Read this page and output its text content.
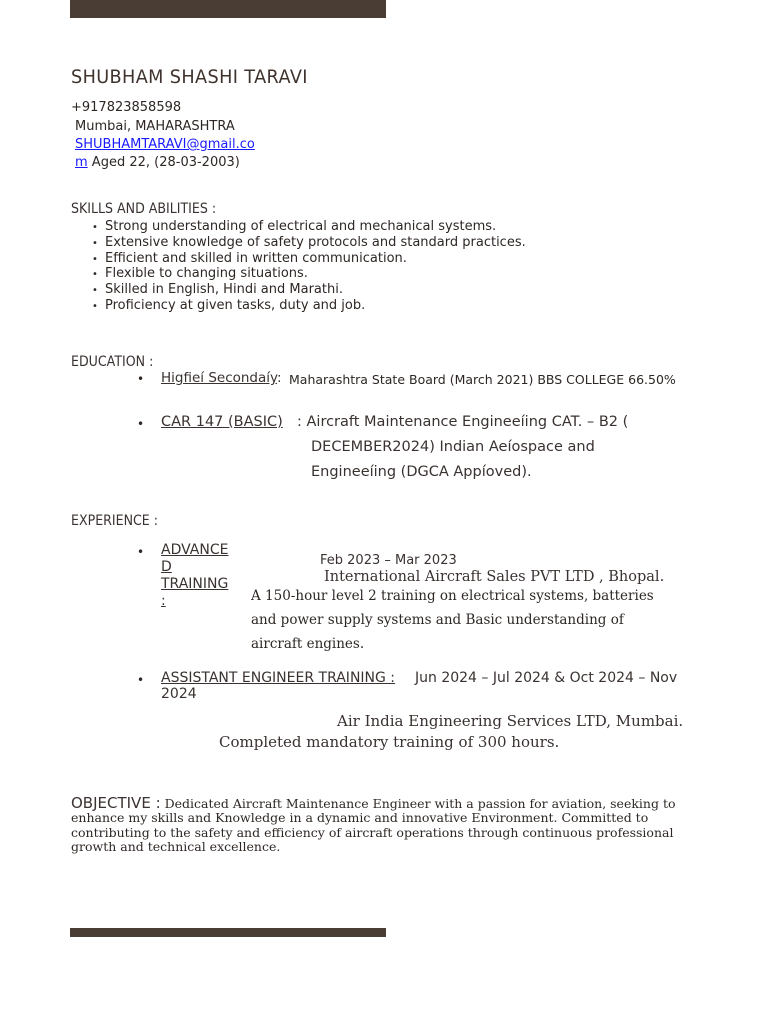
SHUBHAM SHASHI TARAVI
+917823858598
Mumbai, MAHARASHTRA
SHUBHAMTARAVI@gmail.co
m Aged 22, (28-03-2003)
SKILLS AND ABILITIES :
• Strong understanding of electrical and mechanical systems.
• Extensive knowledge of safety protocols and standard practices.
• Efficient and skilled in written communication.
• Flexible to changing situations.
• Skilled in English, Hindi and Marathi.
• Proficiency at given tasks, duty and job.
EDUCATION :
• Higfieí Secondaíy: Maharashtra State Board (March 2021) BBS COLLEGE 66.50%
• CAR 147 (BASIC) : Aircraft Maintenance Engineeíing CAT. – B2 (
DECEMBER2024) Indian Aeíospace and
Engineeíing (DGCA Appíoved).
EXPERIENCE :
• ADVANCE
D
TRAINING
:
Feb 2023 – Mar 2023
International Aircraft Sales PVT LTD , Bhopal.
A 150-hour level 2 training on electrical systems, batteries
and power supply systems and Basic understanding of
aircraft engines.
• ASSISTANT ENGINEER TRAINING : Jun 2024 – Jul 2024 & Oct 2024 – Nov
2024
Air India Engineering Services LTD, Mumbai.
Completed mandatory training of 300 hours.
OBJECTIVE : Dedicated Aircraft Maintenance Engineer with a passion for aviation, seeking to enhance my skills and Knowledge in a dynamic and innovative Environment. Committed to contributing to the safety and efficiency of aircraft operations through continuous professional growth and technical excellence.
